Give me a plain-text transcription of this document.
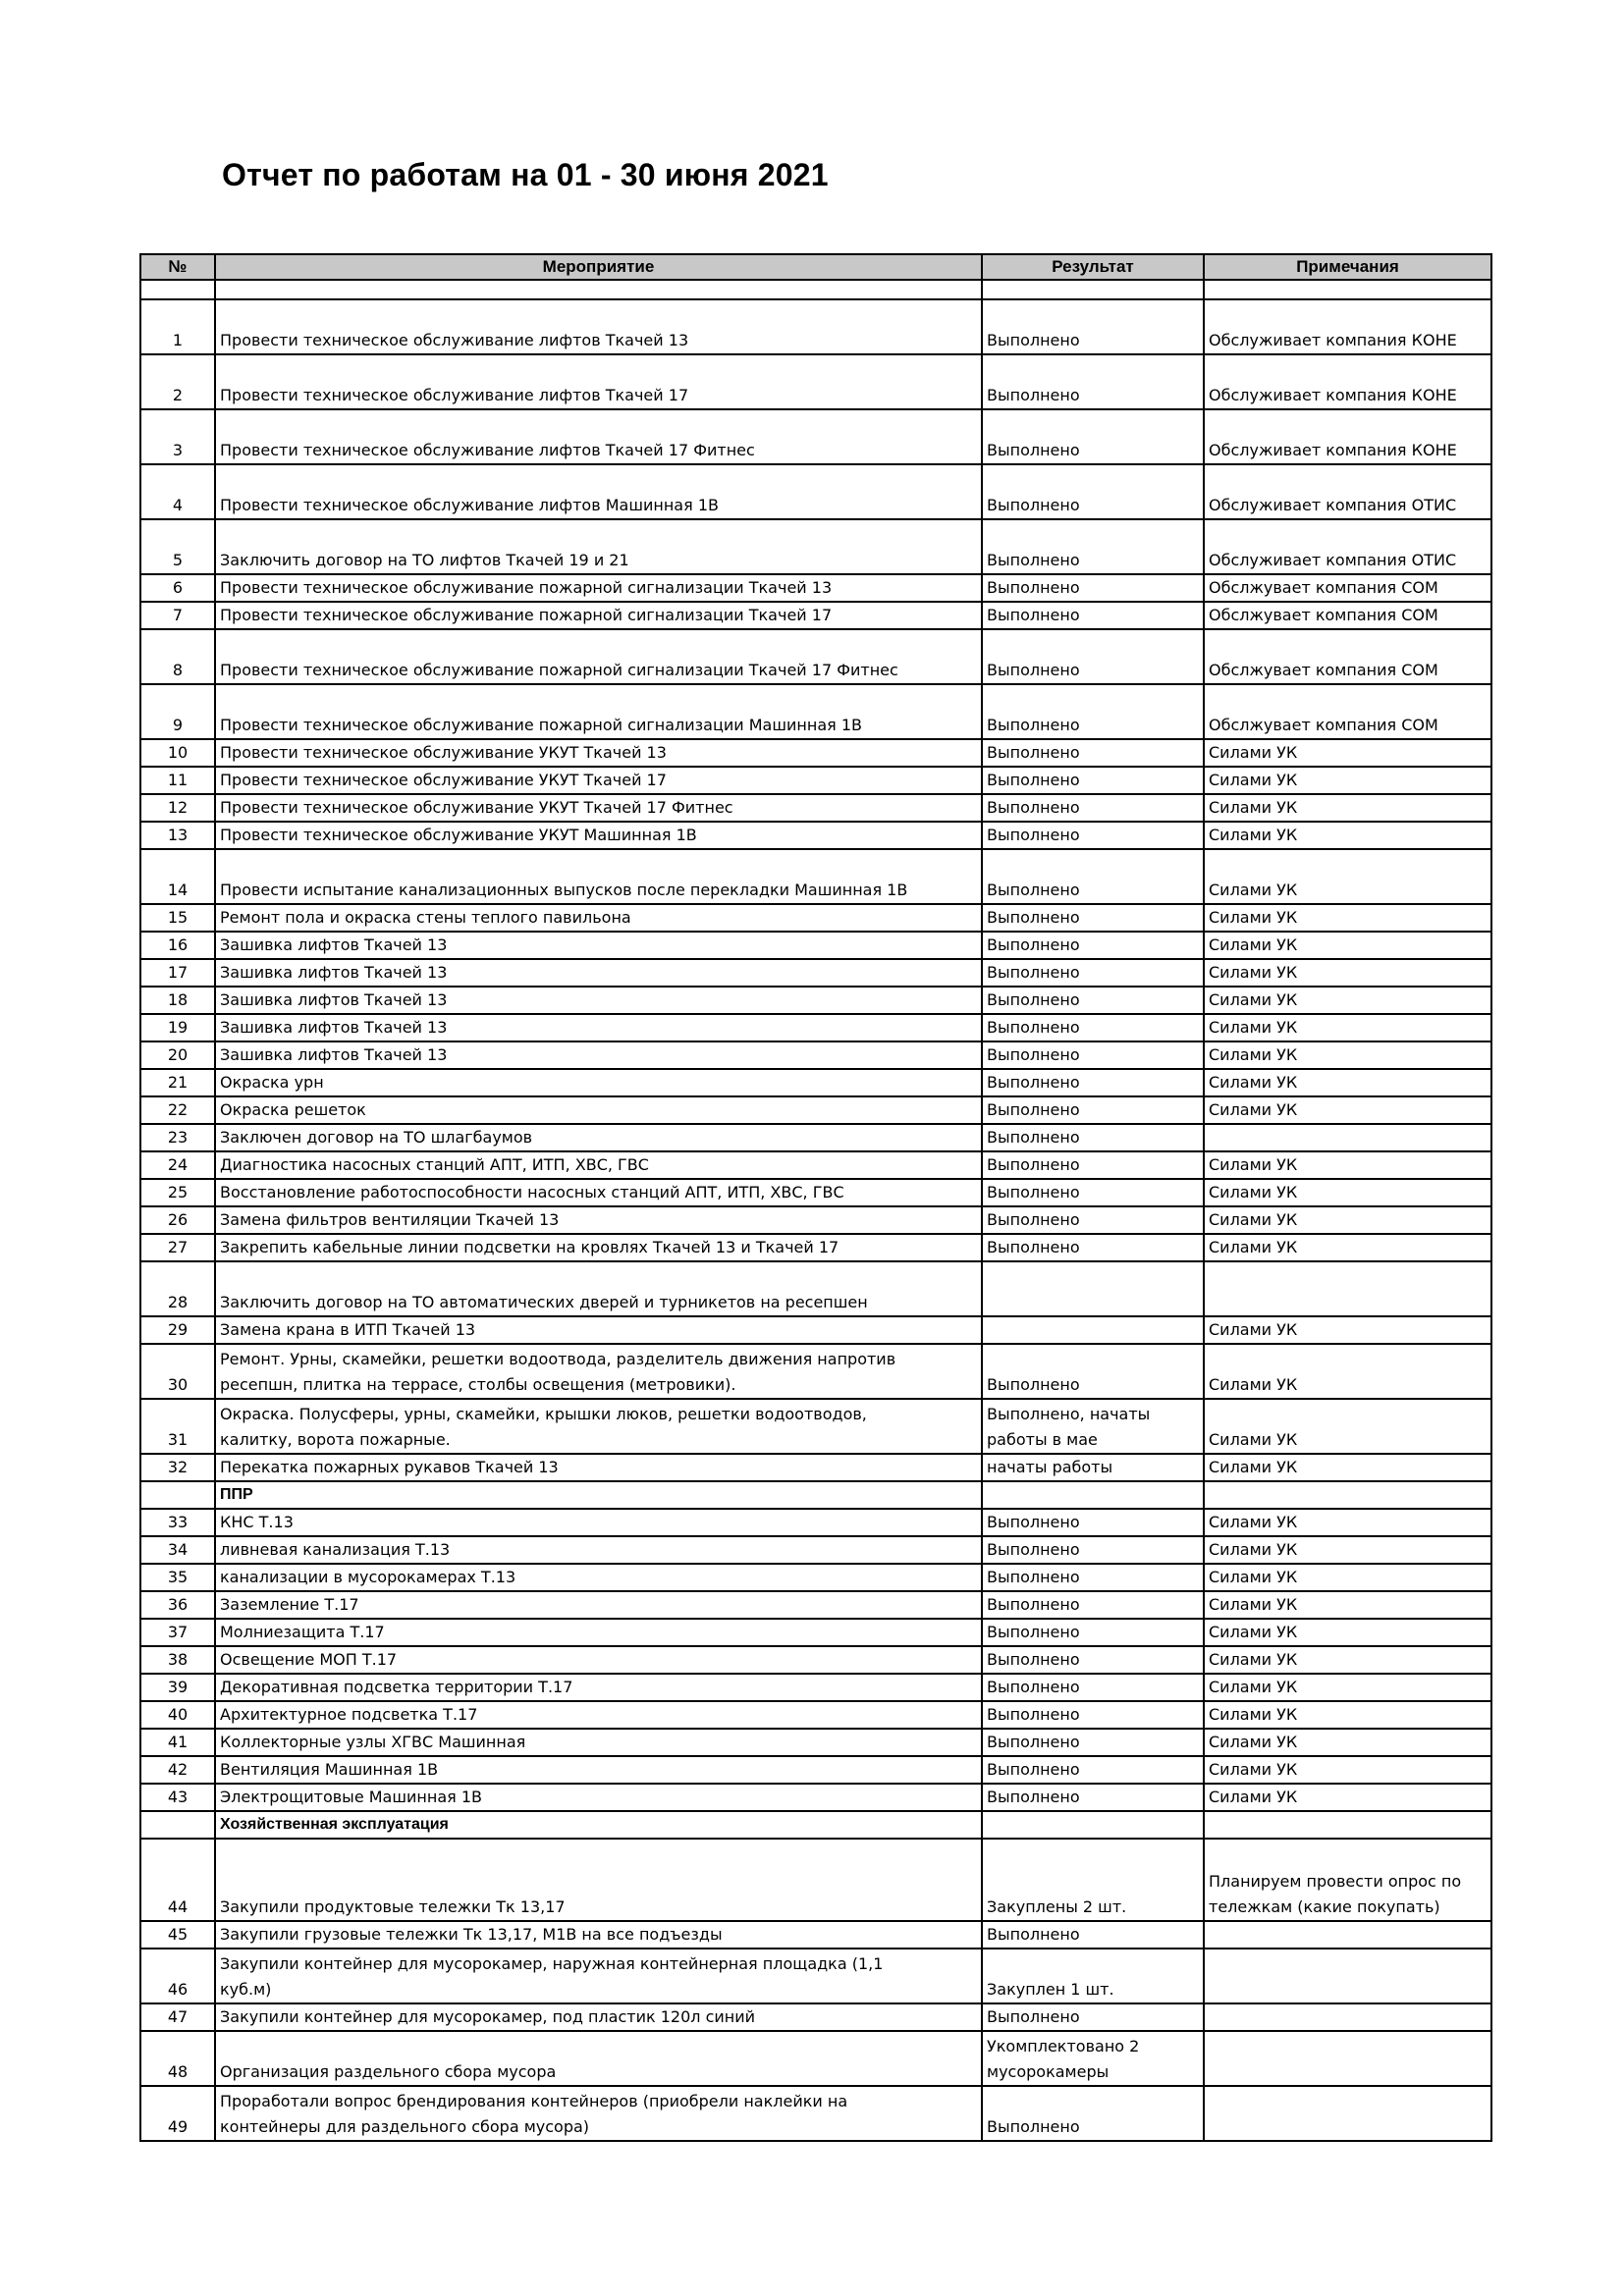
Отчет по работам на 01 - 30 июня 2021
№	Мероприятие	Результат	Примечания

1	Провести техническое обслуживание лифтов Ткачей 13	Выполнено	Обслуживает компания КОНЕ
2	Провести техническое обслуживание лифтов Ткачей 17	Выполнено	Обслуживает компания КОНЕ
3	Провести техническое обслуживание лифтов Ткачей 17 Фитнес	Выполнено	Обслуживает компания КОНЕ
4	Провести техническое обслуживание лифтов Машинная 1В	Выполнено	Обслуживает компания ОТИС
5	Заключить договор на ТО лифтов Ткачей 19 и 21	Выполнено	Обслуживает компания ОТИС
6	Провести техническое обслуживание пожарной сигнализации Ткачей 13	Выполнено	Обслжувает компания СОМ
7	Провести техническое обслуживание пожарной сигнализации Ткачей 17	Выполнено	Обслжувает компания СОМ
8	Провести техническое обслуживание пожарной сигнализации Ткачей 17 Фитнес	Выполнено	Обслжувает компания СОМ
9	Провести техническое обслуживание пожарной сигнализации Машинная 1В	Выполнено	Обслжувает компания СОМ
10	Провести техническое обслуживание УКУТ Ткачей 13	Выполнено	Силами УК
11	Провести техническое обслуживание УКУТ Ткачей 17	Выполнено	Силами УК
12	Провести техническое обслуживание УКУТ Ткачей 17 Фитнес	Выполнено	Силами УК
13	Провести техническое обслуживание УКУТ Машинная 1В	Выполнено	Силами УК
14	Провести испытание канализационных выпусков после перекладки Машинная 1В	Выполнено	Силами УК
15	Ремонт пола и окраска стены теплого павильона	Выполнено	Силами УК
16	Зашивка лифтов Ткачей 13	Выполнено	Силами УК
17	Зашивка лифтов Ткачей 13	Выполнено	Силами УК
18	Зашивка лифтов Ткачей 13	Выполнено	Силами УК
19	Зашивка лифтов Ткачей 13	Выполнено	Силами УК
20	Зашивка лифтов Ткачей 13	Выполнено	Силами УК
21	Окраска урн	Выполнено	Силами УК
22	Окраска решеток	Выполнено	Силами УК
23	Заключен договор на ТО шлагбаумов	Выполнено	
24	Диагностика насосных станций АПТ, ИТП, ХВС, ГВС	Выполнено	Силами УК
25	Восстановление работоспособности насосных станций АПТ, ИТП, ХВС, ГВС	Выполнено	Силами УК
26	Замена фильтров вентиляции Ткачей 13	Выполнено	Силами УК
27	Закрепить кабельные линии подсветки на кровлях Ткачей 13 и Ткачей 17	Выполнено	Силами УК
28	Заключить договор на ТО автоматических дверей и турникетов на ресепшен		
29	Замена крана в ИТП Ткачей 13		Силами УК
30	Ремонт. Урны, скамейки, решетки водоотвода, разделитель движения напротив
ресепшн, плитка на террасе, столбы освещения (метровики).	Выполнено	Силами УК
31	Окраска. Полусферы, урны, скамейки, крышки люков, решетки водоотводов,
калитку, ворота пожарные.	Выполнено, начаты
работы в мае	Силами УК
32	Перекатка пожарных рукавов Ткачей 13	начаты работы	Силами УК
	ППР		
33	КНС Т.13	Выполнено	Силами УК
34	ливневая канализация Т.13	Выполнено	Силами УК
35	канализации в мусорокамерах Т.13	Выполнено	Силами УК
36	Заземление Т.17	Выполнено	Силами УК
37	Молниезащита Т.17	Выполнено	Силами УК
38	Освещение МОП Т.17	Выполнено	Силами УК
39	Декоративная подсветка территории Т.17	Выполнено	Силами УК
40	Архитектурное подсветка Т.17	Выполнено	Силами УК
41	Коллекторные узлы ХГВС Машинная	Выполнено	Силами УК
42	Вентиляция Машинная 1В	Выполнено	Силами УК
43	Электрощитовые Машинная 1В	Выполнено	Силами УК
	Хозяйственная эксплуатация		
44	Закупили продуктовые тележки Тк 13,17	Закуплены 2 шт.	Планируем провести опрос по
тележкам (какие покупать)
45	Закупили грузовые тележки Тк 13,17, М1В на все подъезды	Выполнено	
46	Закупили контейнер для мусорокамер, наружная контейнерная площадка (1,1
куб.м)	Закуплен 1 шт.	
47	Закупили контейнер для мусорокамер, под пластик 120л синий	Выполнено	
48	Организация раздельного сбора мусора	Укомплектовано 2
мусорокамеры	
49	Проработали вопрос брендирования контейнеров (приобрели наклейки на
контейнеры для раздельного сбора мусора)	Выполнено	
